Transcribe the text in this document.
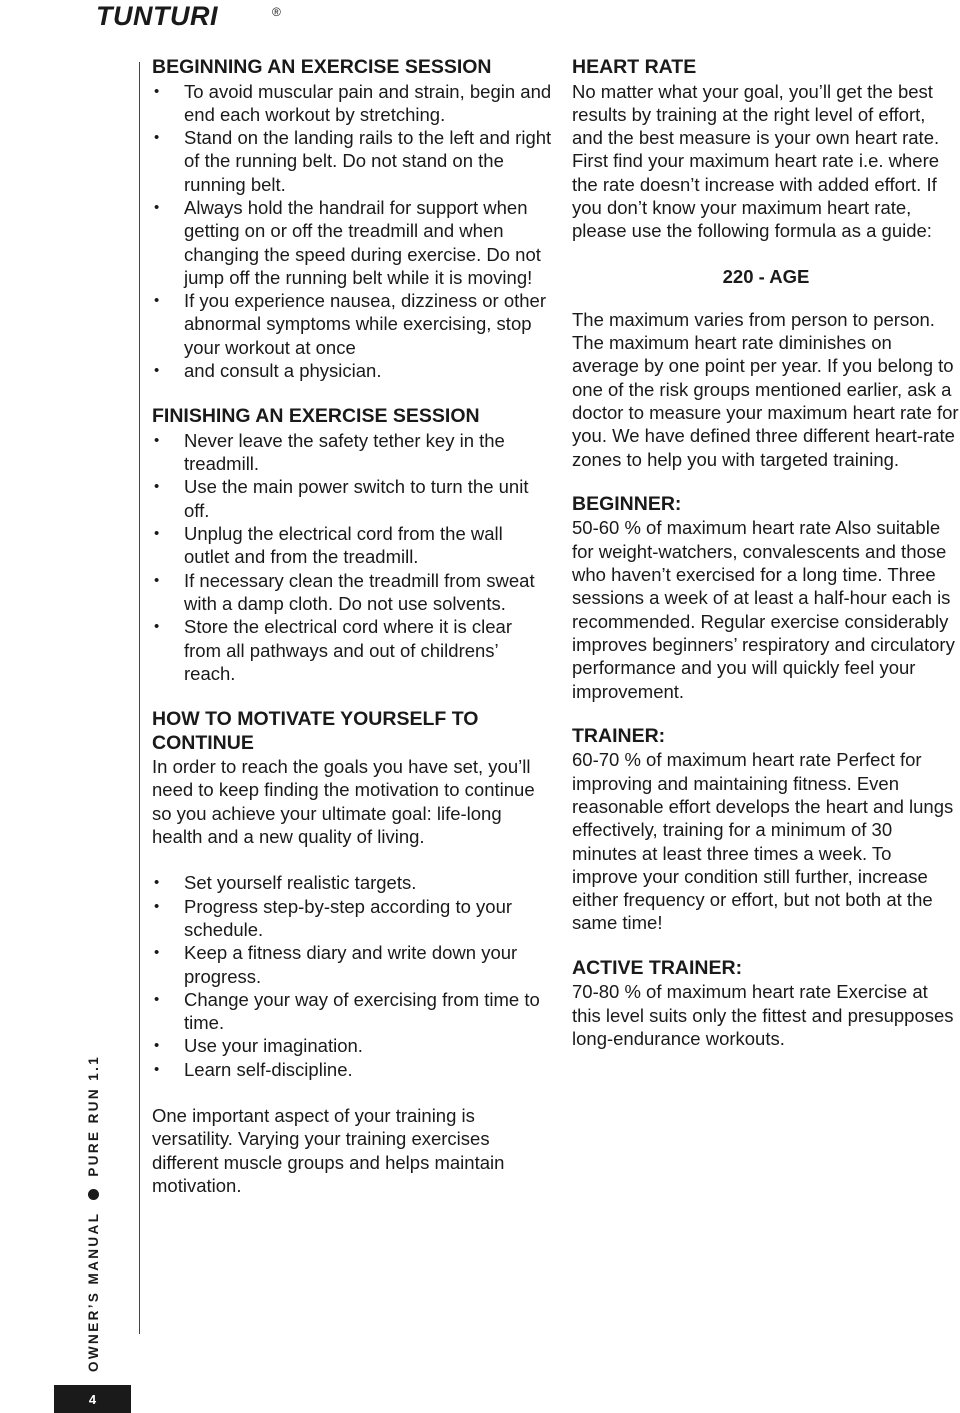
TUNTURI	®
OWNER’S MANUALPURE RUN 1.1
4
BEGINNING AN EXERCISE SESSION
• To avoid muscular pain and strain, begin and end each workout by stretching.
• Stand on the landing rails to the left and right of the running belt. Do not stand on the running belt.
• Always hold the handrail for support when getting on or off the treadmill and when changing the speed during exercise. Do not jump off the running belt while it is moving!
• If you experience nausea, dizziness or other abnormal symptoms while exercising, stop your workout at once
• and consult a physician.
FINISHING AN EXERCISE SESSION
• Never leave the safety tether key in the treadmill.
• Use the main power switch to turn the unit off.
• Unplug the electrical cord from the wall outlet and from the treadmill.
• If necessary clean the treadmill from sweat with a damp cloth. Do not use solvents.
• Store the electrical cord where it is clear from all pathways and out of childrens’ reach.
HOW TO MOTIVATE YOURSELF TO CONTINUE

In order to reach the goals you have set, you’ll need to keep finding the motivation to continue so you achieve your ultimate goal: life-long health and a new quality of living.

• Set yourself realistic targets.
• Progress step-by-step according to your schedule.
• Keep a fitness diary and write down your progress.
• Change your way of exercising from time to time.
• Use your imagination.
• Learn self-discipline.

One important aspect of your training is versatility. Varying your training exercises different muscle groups and helps maintain motivation.

HEART RATE

No matter what your goal, you’ll get the best results by training at the right level of effort, and the best measure is your own heart rate. First find your maximum heart rate i.e. where the rate doesn’t increase with added effort. If you don’t know your maximum heart rate, please use the following formula as a guide:

220 - AGE

The maximum varies from person to person. The maximum heart rate diminishes on average by one point per year. If you belong to one of the risk groups mentioned earlier, ask a doctor to measure your maximum heart rate for you. We have defined three different heart-rate zones to help you with targeted training.

BEGINNER:

50-60 % of maximum heart rate Also suitable for weight-watchers, convalescents and those who haven’t exercised for a long time. Three sessions a week of at least a half-hour each is recommended. Regular exercise considerably improves beginners’ respiratory and circulatory performance and you will quickly feel your improvement.

TRAINER:

60-70 % of maximum heart rate Perfect for improving and maintaining fitness. Even reasonable effort develops the heart and lungs effectively, training for a minimum of 30 minutes at least three times a week. To improve your condition still further, increase either frequency or effort, but not both at the same time!

ACTIVE TRAINER:

70-80 % of maximum heart rate Exercise at this level suits only the fittest and presupposes long-endurance workouts.
